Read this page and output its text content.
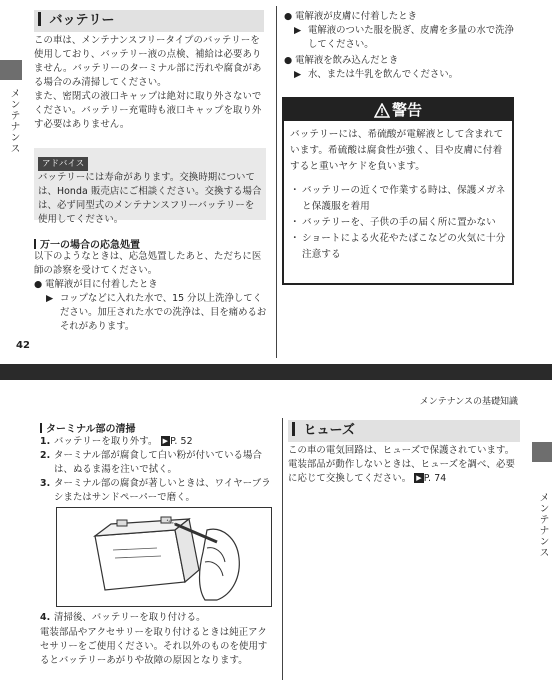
メンテナンス
バッテリー

この車は、メンテナンスフリータイプのバッテリーを使用しており、バッテリー液の点検、補給は必要ありません。バッテリーのターミナル部に汚れや腐食がある場合のみ清掃してください。

また、密閉式の液口キャップは絶対に取り外さないでください。バッテリー充電時も液口キャップを取り外す必要はありません。

アドバイス

バッテリーには寿命があります。交換時期については、Honda 販売店にご相談ください。交換する場合は、必ず同型式のメンテナンスフリーバッテリーを使用してください。

万一の場合の応急処置

以下のようなときは、応急処置したあと、ただちに医師の診察を受けてください。

● 電解液が目に付着したとき
▶ コップなどに入れた水で、15 分以上洗浄してください。加圧された水での洗浄は、目を痛めるおそれがあります。
42
● 電解液が皮膚に付着したとき
▶ 電解液のついた服を脱ぎ、皮膚を多量の水で洗浄してください。
● 電解液を飲み込んだとき
▶ 水、または牛乳を飲んでください。
警告

バッテリーには、希硫酸が電解液として含まれています。希硫酸は腐食性が強く、目や皮膚に付着すると重いヤケドを負います。

・ バッテリーの近くで作業する時は、保護メガネと保護服を着用
・ バッテリーを、子供の手の届く所に置かない
・ ショートによる火花やたばこなどの火気に十分注意する
メンテナンスの基礎知識
ターミナル部の清掃
1. バッテリーを取り外す。 ▶ P. 52
2. ターミナル部が腐食して白い粉が付いている場合は、ぬるま湯を注いで拭く。
3. ターミナル部の腐食が著しいときは、ワイヤーブラシまたはサンドペーパーで磨く。
4. 清掃後、バッテリーを取り付ける。

電装部品やアクセサリーを取り付けるときは純正アクセサリーをご使用ください。それ以外のものを使用するとバッテリーあがりや故障の原因となります。

ヒューズ

この車の電気回路は、ヒューズで保護されています。電装部品が動作しないときは、ヒューズを調べ、必要に応じて交換してください。 ▶ P. 74

メンテナンス
